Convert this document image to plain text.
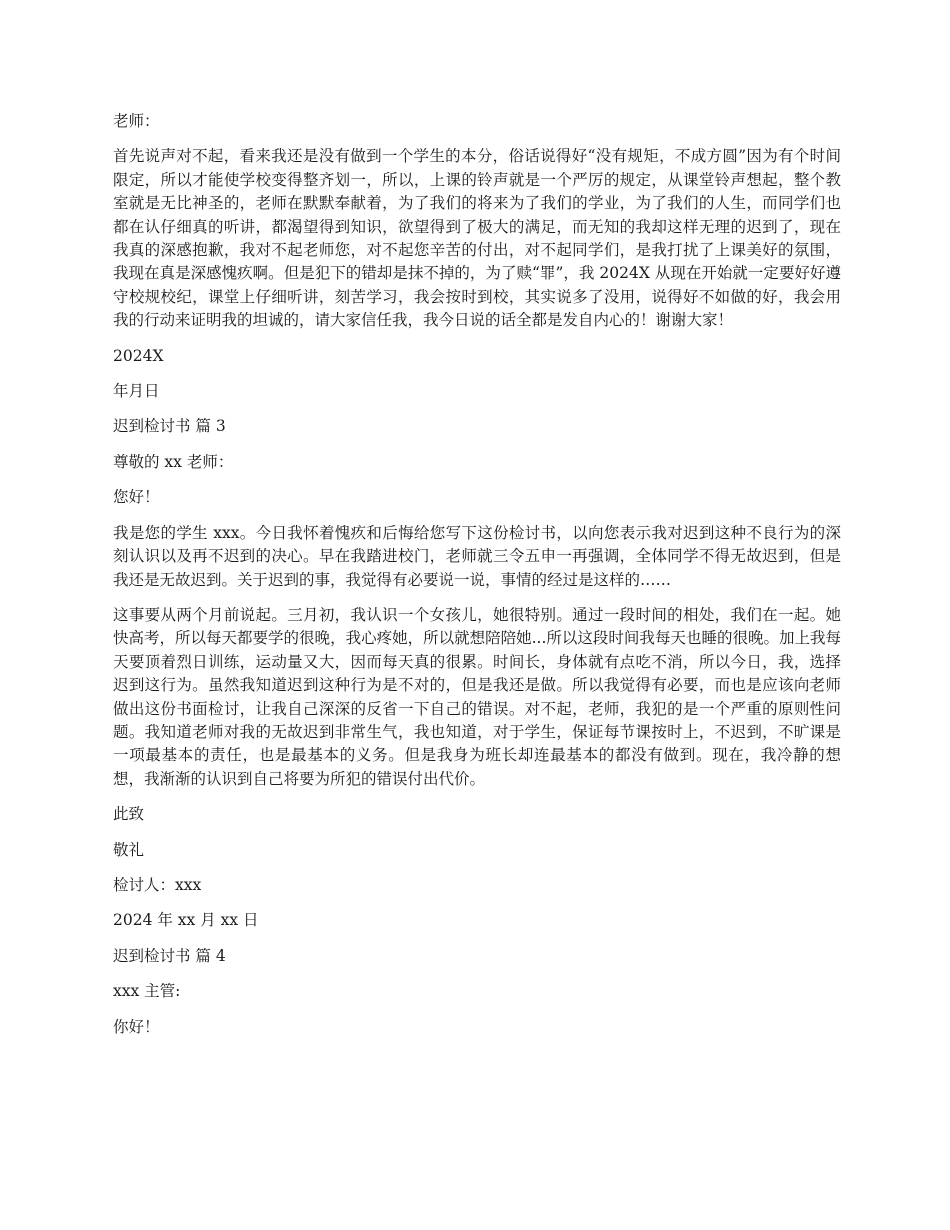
老师：

首先说声对不起，看来我还是没有做到一个学生的本分，俗话说得好“没有规矩，不成方圆”因为有个时间限定，所以才能使学校变得整齐划一，所以，上课的铃声就是一个严厉的规定，从课堂铃声想起，整个教室就是无比神圣的，老师在默默奉献着，为了我们的将来为了我们的学业，为了我们的人生，而同学们也都在认仔细真的听讲，都渴望得到知识，欲望得到了极大的满足，而无知的我却这样无理的迟到了，现在我真的深感抱歉，我对不起老师您，对不起您辛苦的付出，对不起同学们，是我打扰了上课美好的氛围，我现在真是深感愧疚啊。但是犯下的错却是抹不掉的，为了赎“罪”，我 2024X 从现在开始就一定要好好遵守校规校纪，课堂上仔细听讲，刻苦学习，我会按时到校，其实说多了没用，说得好不如做的好，我会用我的行动来证明我的坦诚的，请大家信任我，我今日说的话全都是发自内心的！谢谢大家！

2024X

年月日

迟到检讨书 篇 3

尊敬的 xx 老师：

您好！

我是您的学生 xxx。今日我怀着愧疚和后悔给您写下这份检讨书，以向您表示我对迟到这种不良行为的深刻认识以及再不迟到的决心。早在我踏进校门，老师就三令五申一再强调，全体同学不得无故迟到，但是我还是无故迟到。关于迟到的事，我觉得有必要说一说，事情的经过是这样的……

这事要从两个月前说起。三月初，我认识一个女孩儿，她很特别。通过一段时间的相处，我们在一起。她快高考，所以每天都要学的很晚，我心疼她，所以就想陪陪她...所以这段时间我每天也睡的很晚。加上我每天要顶着烈日训练，运动量又大，因而每天真的很累。时间长，身体就有点吃不消，所以今日，我，选择迟到这行为。虽然我知道迟到这种行为是不对的，但是我还是做。所以我觉得有必要，而也是应该向老师做出这份书面检讨，让我自己深深的反省一下自己的错误。对不起，老师，我犯的是一个严重的原则性问题。我知道老师对我的无故迟到非常生气，我也知道，对于学生，保证每节课按时上，不迟到，不旷课是一项最基本的责任，也是最基本的义务。但是我身为班长却连最基本的都没有做到。现在，我冷静的想想，我渐渐的认识到自己将要为所犯的错误付出代价。

此致

敬礼

检讨人：xxx

2024 年 xx 月 xx 日

迟到检讨书 篇 4

xxx 主管:

你好！
